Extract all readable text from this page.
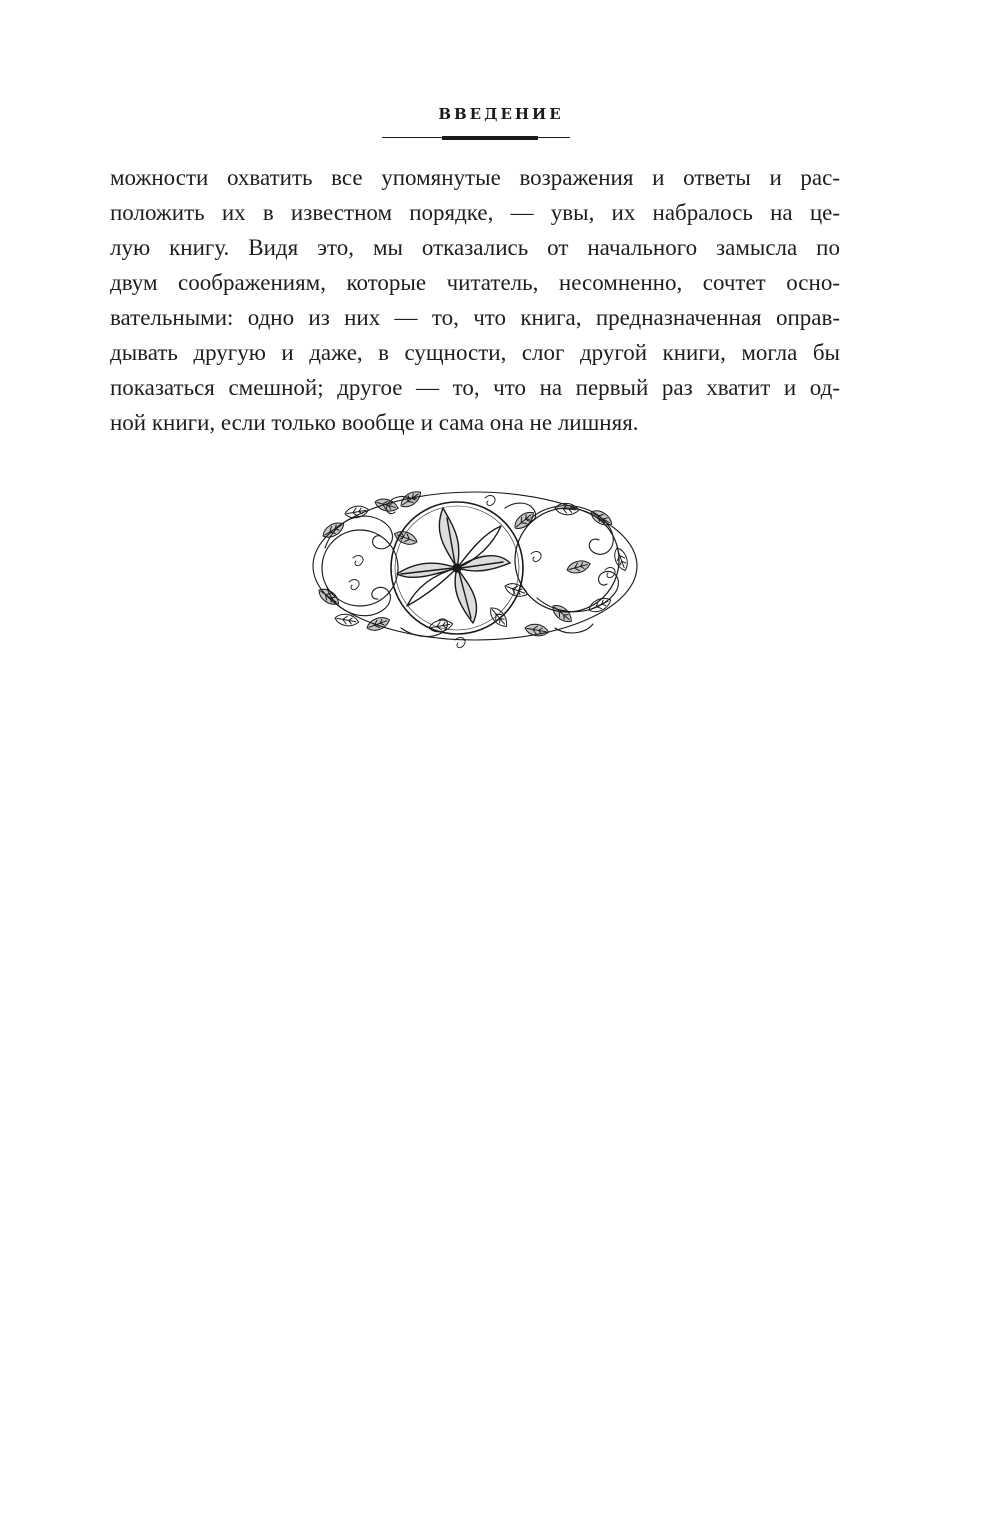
ВВЕДЕНИЕ
можности охватить все упомянутые возражения и ответы и рас-
положить их в известном порядке, — увы, их набралось на це-
лую книгу. Видя это, мы отказались от начального замысла по
двум соображениям, которые читатель, несомненно, сочтет осно-
вательными: одно из них — то, что книга, предназначенная оправ-
дывать другую и даже, в сущности, слог другой книги, могла бы
показаться смешной; другое — то, что на первый раз хватит и од-
ной книги, если только вообще и сама она не лишняя.
